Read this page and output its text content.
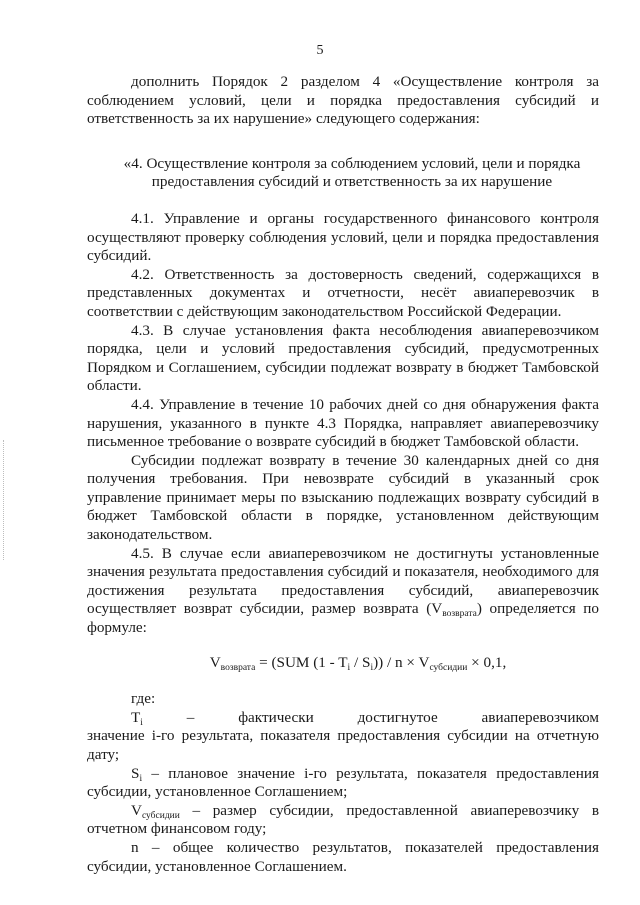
5

дополнить Порядок 2 разделом 4 «Осуществление контроля за соблюдением условий, цели и порядка предоставления субсидий и ответственность за их нарушение» следующего содержания:

«4. Осуществление контроля за соблюдением условий, цели и порядка предоставления субсидий и ответственность за их нарушение

4.1. Управление и органы государственного финансового контроля осуществляют проверку соблюдения условий, цели и порядка предоставления субсидий.

4.2. Ответственность за достоверность сведений, содержащихся в представленных документах и отчетности, несёт авиаперевозчик в соответствии с действующим законодательством Российской Федерации.

4.3. В случае установления факта несоблюдения авиаперевозчиком порядка, цели и условий предоставления субсидий, предусмотренных Порядком и Соглашением, субсидии подлежат возврату в бюджет Тамбовской области.

4.4. Управление в течение 10 рабочих дней со дня обнаружения факта нарушения, указанного в пункте 4.3 Порядка, направляет авиаперевозчику письменное требование о возврате субсидий в бюджет Тамбовской области.

Субсидии подлежат возврату в течение 30 календарных дней со дня получения требования. При невозврате субсидий в указанный срок управление принимает меры по взысканию подлежащих возврату субсидий в бюджет Тамбовской области в порядке, установленном действующим законодательством.

4.5. В случае если авиаперевозчиком не достигнуты установленные значения результата предоставления субсидий и показателя, необходимого для достижения результата предоставления субсидий, авиаперевозчик осуществляет возврат субсидии, размер возврата $(V_{возврата})$ определяется по формуле:

$V_{возврата} = (SUM$ $(1 - T_i / S_i)) / n \times V_{субсидии} \times 0,1$,

где:

$T_i$	–	фактически	достигнутое	авиаперевозчиком

значение i-го результата, показателя предоставления субсидии на отчетную дату;

$S_i$ – плановое значение i-го результата, показателя предоставления субсидии, установленное Соглашением;

$V_{субсидии}$ – размер субсидии, предоставленной авиаперевозчику в отчетном финансовом году;

n – общее количество результатов, показателей предоставления субсидии, установленное Соглашением.
